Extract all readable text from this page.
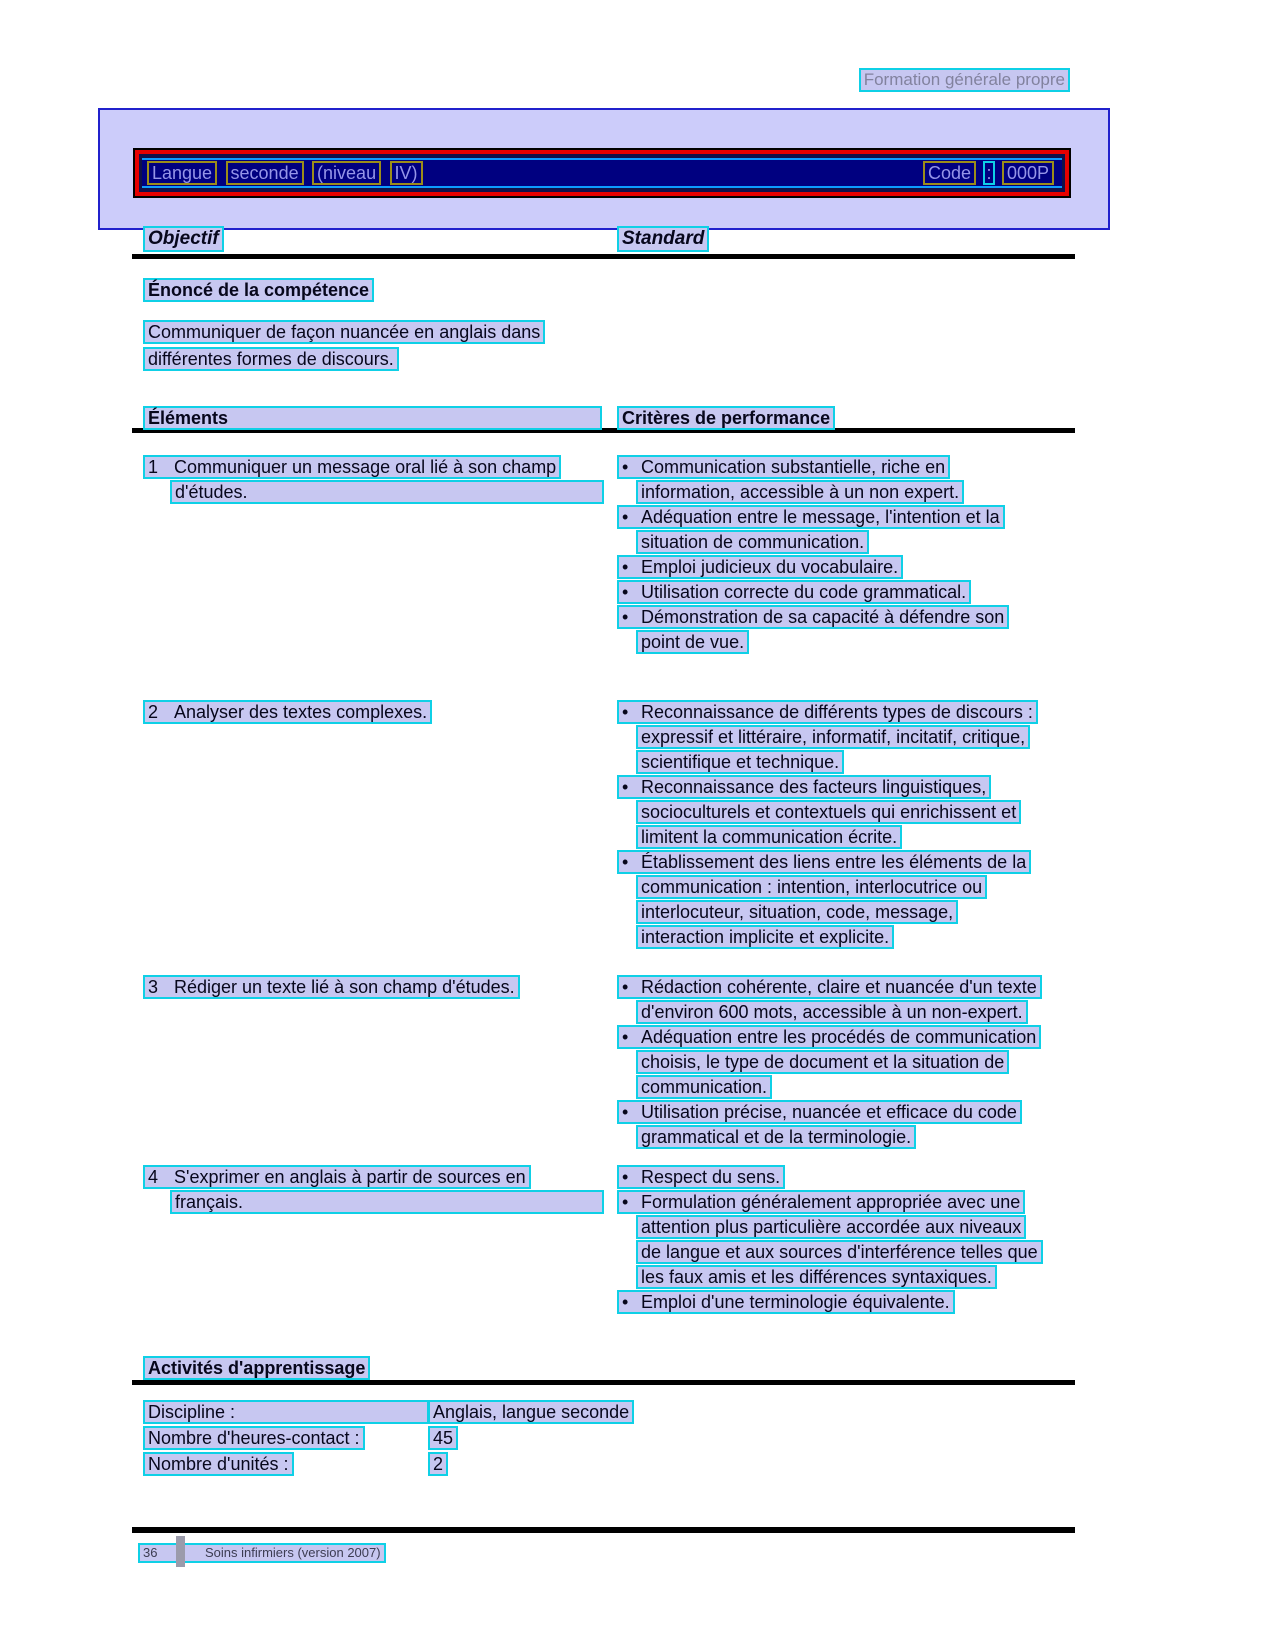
Formation générale propre
Langue seconde (niveau IV)	Code : 000P
Objectif	Standard
Énoncé de la compétence
Communiquer de façon nuancée en anglais dans
différentes formes de discours.
Éléments	Critères de performance
1 Communiquer un message oral lié à son champ
d'études.
• Communication substantielle, riche en
information, accessible à un non expert.
• Adéquation entre le message, l'intention et la
situation de communication.
• Emploi judicieux du vocabulaire.
• Utilisation correcte du code grammatical.
• Démonstration de sa capacité à défendre son
point de vue.
2 Analyser des textes complexes.	• Reconnaissance de différents types de discours :
expressif et littéraire, informatif, incitatif, critique,
scientifique et technique.
• Reconnaissance des facteurs linguistiques,
socioculturels et contextuels qui enrichissent et
limitent la communication écrite.
• Établissement des liens entre les éléments de la
communication : intention, interlocutrice ou
interlocuteur, situation, code, message,
interaction implicite et explicite.
3 Rédiger un texte lié à son champ d'études.	• Rédaction cohérente, claire et nuancée d'un texte
d'environ 600 mots, accessible à un non-expert.
• Adéquation entre les procédés de communication
choisis, le type de document et la situation de
communication.
• Utilisation précise, nuancée et efficace du code
grammatical et de la terminologie.
4 S'exprimer en anglais à partir de sources en
français.
• Respect du sens.
• Formulation généralement appropriée avec une
attention plus particulière accordée aux niveaux
de langue et aux sources d'interférence telles que
les faux amis et les différences syntaxiques.
• Emploi d'une terminologie équivalente.
Activités d'apprentissage
Discipline :	Anglais, langue seconde
Nombre d'heures-contact :	45
Nombre d'unités :	2
36	Soins infirmiers (version 2007)
